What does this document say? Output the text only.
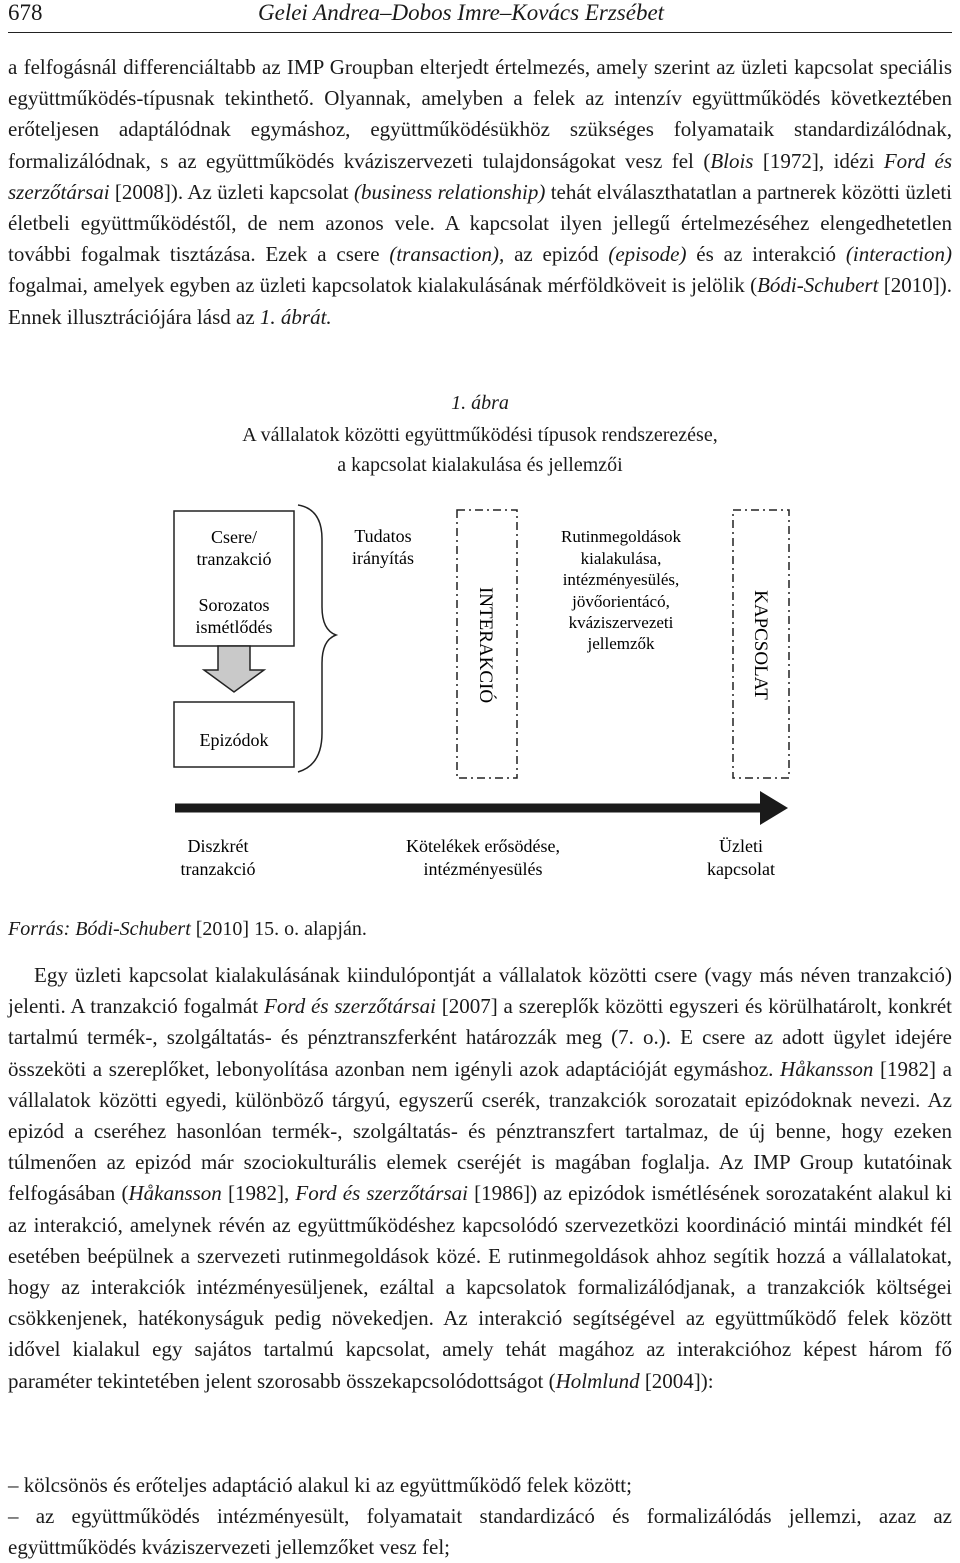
678	Gelei Andrea–Dobos Imre–Kovács Erzsébet

a felfogásnál differenciáltabb az IMP Groupban elterjedt értelmezés, amely szerint az üzleti kapcsolat speciális együttműködés-típusnak tekinthető. Olyannak, amelyben a felek az intenzív együttműködés következtében erőteljesen adaptálódnak egymáshoz, együttműködésükhöz szükséges folyamataik standardizálódnak, formalizálódnak, s az együttműködés kváziszervezeti tulajdonságokat vesz fel (Blois [1972], idézi Ford és szerzőtársai [2008]). Az üzleti kapcsolat (business relationship) tehát elválaszthatatlan a partnerek közötti üzleti életbeli együttműködéstől, de nem azonos vele. A kapcsolat ilyen jellegű értelmezéséhez elengedhetetlen további fogalmak tisztázása. Ezek a csere (transaction), az epizód (episode) és az interakció (interaction) fogalmai, amelyek egyben az üzleti kapcsolatok kialakulásának mérföldköveit is jelölik (Bódi-Schubert [2010]). Ennek illusztrációjára lásd az 1. ábrát.

1. ábra
A vállalatok közötti együttműködési típusok rendszerezése,
a kapcsolat kialakulása és jellemzői
Csere/
tranzakció
Sorozatos
ismétlődés
Epizódok
Tudatos
irányítás
INTERAKCIÓ
Rutinmegoldások
kialakulása,
intézményesülés,
jövőorientácó,
kváziszervezeti
jellemzők	KAPCSOLAT
Diszkrét
tranzakció
Kötelékek erősödése,
intézményesülés
Üzleti
kapcsolat
Forrás: Bódi-Schubert [2010] 15. o. alapján.

Egy üzleti kapcsolat kialakulásának kiindulópontját a vállalatok közötti csere (vagy más néven tranzakció) jelenti. A tranzakció fogalmát Ford és szerzőtársai [2007] a szereplők közötti egyszeri és körülhatárolt, konkrét tartalmú termék-, szolgáltatás- és pénztranszferként határozzák meg (7. o.). E csere az adott ügylet idejére összeköti a szereplőket, lebonyolítása azonban nem igényli azok adaptációját egymáshoz. Håkansson [1982] a vállalatok közötti egyedi, különböző tárgyú, egyszerű cserék, tranzakciók sorozatait epizódoknak nevezi. Az epizód a cseréhez hasonlóan termék-, szolgáltatás- és pénztranszfert tartalmaz, de új benne, hogy ezeken túlmenően az epizód már szociokulturális elemek cseréjét is magában foglalja. Az IMP Group kutatóinak felfogásában (Håkansson [1982], Ford és szerzőtársai [1986]) az epizódok ismétlésének sorozataként alakul ki az interakció, amelynek révén az együttműködéshez kapcsolódó szervezetközi koordináció mintái mindkét fél esetében beépülnek a szervezeti rutinmegoldások közé. E rutinmegoldások ahhoz segítik hozzá a vállalatokat, hogy az interakciók intézményesüljenek, ezáltal a kapcsolatok formalizálódjanak, a tranzakciók költségei csökkenjenek, hatékonyságuk pedig növekedjen. Az interakció segítségével az együttműködő felek között idővel kialakul egy sajátos tartalmú kapcsolat, amely tehát magához az interakcióhoz képest három fő paraméter tekintetében jelent szorosabb összekapcsolódottságot (Holmlund [2004]):

– kölcsönös és erőteljes adaptáció alakul ki az együttműködő felek között;

– az együttműködés intézményesült, folyamatait standardizácó és formalizálódás jellemzi, azaz az együttműködés kváziszervezeti jellemzőket vesz fel;
